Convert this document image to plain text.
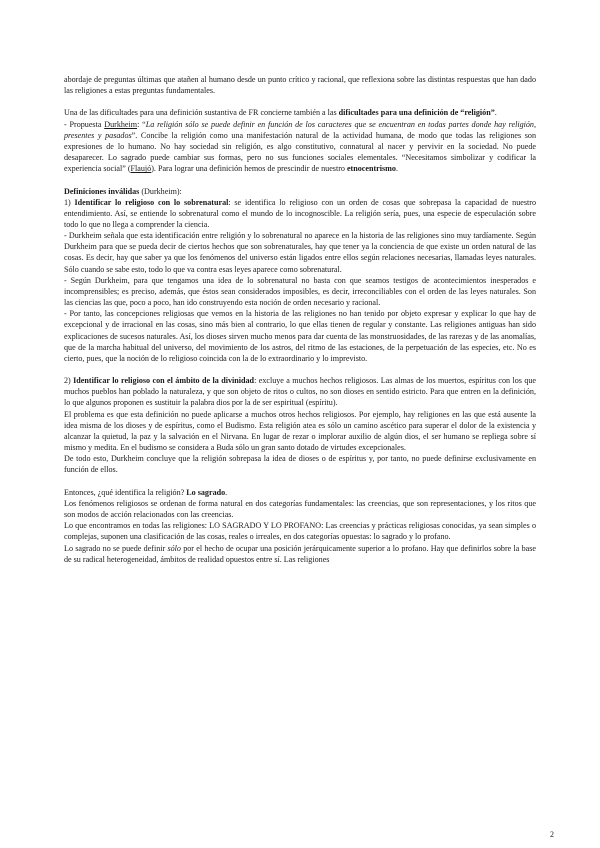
abordaje de preguntas últimas que atañen al humano desde un punto crítico y racional, que reflexiona sobre las distintas respuestas que han dado las religiones a estas preguntas fundamentales.

Una de las dificultades para una definición sustantiva de FR concierne también a las dificultades para una definición de “religión”.

- Propuesta Durkheim: “La religión sólo se puede definir en función de los caracteres que se encuentran en todas partes donde hay religión, presentes y pasados”. Concibe la religión como una manifestación natural de la actividad humana, de modo que todas las religiones son expresiones de lo humano. No hay sociedad sin religión, es algo constitutivo, connatural al nacer y pervivir en la sociedad. No puede desaparecer. Lo sagrado puede cambiar sus formas, pero no sus funciones sociales elementales. “Necesitamos simbolizar y codificar la experiencia social” (Flaujó). Para lograr una definición hemos de prescindir de nuestro etnocentrismo.

Definiciones inválidas (Durkheim):

1) Identificar lo religioso con lo sobrenatural: se identifica lo religioso con un orden de cosas que sobrepasa la capacidad de nuestro entendimiento. Así, se entiende lo sobrenatural como el mundo de lo incognoscible. La religión sería, pues, una especie de especulación sobre todo lo que no llega a comprender la ciencia.

- Durkheim señala que esta identificación entre religión y lo sobrenatural no aparece en la historia de las religiones sino muy tardíamente. Según Durkheim para que se pueda decir de ciertos hechos que son sobrenaturales, hay que tener ya la conciencia de que existe un orden natural de las cosas. Es decir, hay que saber ya que los fenómenos del universo están ligados entre ellos según relaciones necesarias, llamadas leyes naturales. Sólo cuando se sabe esto, todo lo que va contra esas leyes aparece como sobrenatural.

- Según Durkheim, para que tengamos una idea de lo sobrenatural no basta con que seamos testigos de acontecimientos inesperados e incomprensibles; es preciso, además, que éstos sean considerados imposibles, es decir, irreconciliables con el orden de las leyes naturales. Son las ciencias las que, poco a poco, han ido construyendo esta noción de orden necesario y racional.

- Por tanto, las concepciones religiosas que vemos en la historia de las religiones no han tenido por objeto expresar y explicar lo que hay de excepcional y de irracional en las cosas, sino más bien al contrario, lo que ellas tienen de regular y constante. Las religiones antiguas han sido explicaciones de sucesos naturales. Así, los dioses sirven mucho menos para dar cuenta de las monstruosidades, de las rarezas y de las anomalías, que de la marcha habitual del universo, del movimiento de los astros, del ritmo de las estaciones, de la perpetuación de las especies, etc. No es cierto, pues, que la noción de lo religioso coincida con la de lo extraordinario y lo imprevisto.

2) Identificar lo religioso con el ámbito de la divinidad: excluye a muchos hechos religiosos. Las almas de los muertos, espíritus con los que muchos pueblos han poblado la naturaleza, y que son objeto de ritos o cultos, no son dioses en sentido estricto. Para que entren en la definición, lo que algunos proponen es sustituir la palabra dios por la de ser espiritual (espíritu).

El problema es que esta definición no puede aplicarse a muchos otros hechos religiosos. Por ejemplo, hay religiones en las que está ausente la idea misma de los dioses y de espíritus, como el Budismo. Esta religión atea es sólo un camino ascético para superar el dolor de la existencia y alcanzar la quietud, la paz y la salvación en el Nirvana. En lugar de rezar o implorar auxilio de algún dios, el ser humano se repliega sobre sí mismo y medita. En el budismo se considera a Buda sólo un gran santo dotado de virtudes excepcionales.

De todo esto, Durkheim concluye que la religión sobrepasa la idea de dioses o de espíritus y, por tanto, no puede definirse exclusivamente en función de ellos.

Entonces, ¿qué identifica la religión? Lo sagrado.

Los fenómenos religiosos se ordenan de forma natural en dos categorías fundamentales: las creencias, que son representaciones, y los ritos que son modos de acción relacionados con las creencias.

Lo que encontramos en todas las religiones: LO SAGRADO Y LO PROFANO: Las creencias y prácticas religiosas conocidas, ya sean simples o complejas, suponen una clasificación de las cosas, reales o irreales, en dos categorías opuestas: lo sagrado y lo profano.

Lo sagrado no se puede definir sólo por el hecho de ocupar una posición jerárquicamente superior a lo profano. Hay que definirlos sobre la base de su radical heterogeneidad, ámbitos de realidad opuestos entre sí. Las religiones

2
